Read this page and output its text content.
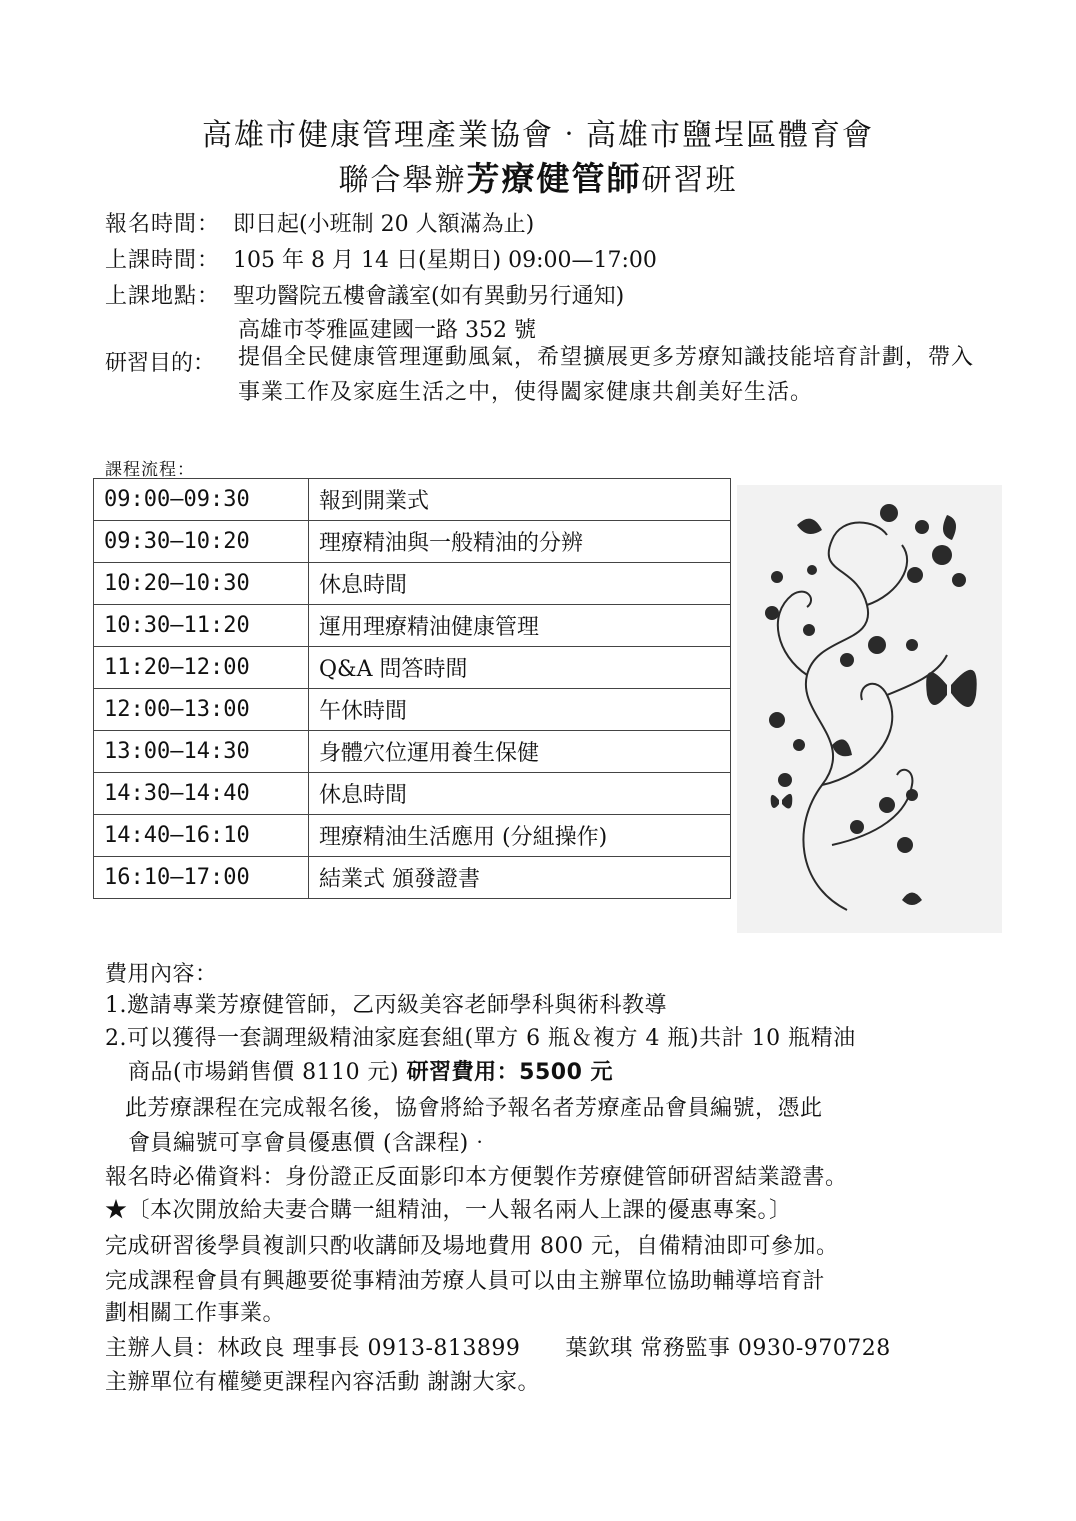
高雄市健康管理產業協會‧高雄市鹽埕區體育會
聯合舉辦芳療健管師研習班
報名時間： 即日起(小班制 20 人額滿為止)
上課時間： 105 年 8 月 14 日(星期日) 09:00—17:00
上課地點： 聖功醫院五樓會議室(如有異動另行通知)
高雄市苓雅區建國一路 352 號
研習目的： 提倡全民健康管理運動風氣，希望擴展更多芳療知識技能培育計劃，帶入事業工作及家庭生活之中，使得闔家健康共創美好生活。
課程流程：
09:00—09:30	報到開業式
09:30—10:20	理療精油與一般精油的分辨
10:20—10:30	休息時間
10:30—11:20	運用理療精油健康管理
11:20—12:00	Q&A 問答時間
12:00—13:00	午休時間
13:00—14:30	身體穴位運用養生保健
14:30—14:40	休息時間
14:40—16:10	理療精油生活應用 (分組操作)
16:10—17:00	結業式 頒發證書
費用內容：
1.邀請專業芳療健管師，乙丙級美容老師學科與術科教導
2.可以獲得一套調理級精油家庭套組(單方 6 瓶＆複方 4 瓶)共計 10 瓶精油
商品(市場銷售價 8110 元) 研習費用：5500 元
此芳療課程在完成報名後，協會將給予報名者芳療產品會員編號，憑此
會員編號可享會員優惠價 (含課程)‧
報名時必備資料：身份證正反面影印本方便製作芳療健管師研習結業證書。
★〔本次開放給夫妻合購一組精油，一人報名兩人上課的優惠專案。〕
完成研習後學員複訓只酌收講師及場地費用 800 元，自備精油即可參加。
完成課程會員有興趣要從事精油芳療人員可以由主辦單位協助輔導培育計
劃相關工作事業。
主辦人員：林政良 理事長 0913-813899　　葉欽琪 常務監事 0930-970728
主辦單位有權變更課程內容活動 謝謝大家。
